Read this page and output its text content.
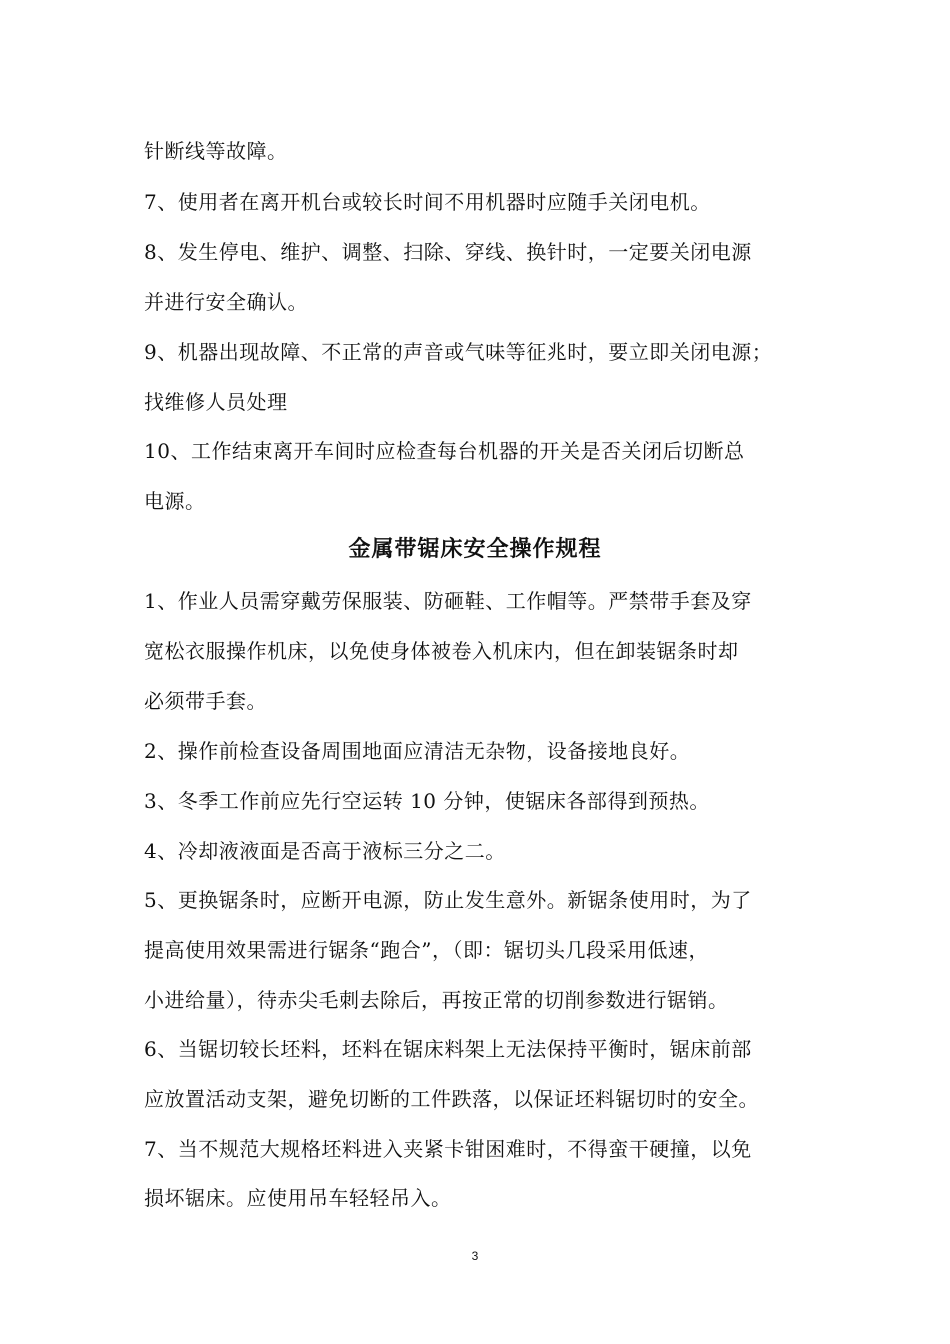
针断线等故障。
7、使用者在离开机台或较长时间不用机器时应随手关闭电机。
8、发生停电、维护、调整、扫除、穿线、换针时，一定要关闭电源
并进行安全确认。
9、机器出现故障、不正常的声音或气味等征兆时，要立即关闭电源；
找维修人员处理
10、工作结束离开车间时应检查每台机器的开关是否关闭后切断总
电源。
金属带锯床安全操作规程
1、作业人员需穿戴劳保服装、防砸鞋、工作帽等。严禁带手套及穿
宽松衣服操作机床，以免使身体被卷入机床内，但在卸装锯条时却
必须带手套。
2、操作前检查设备周围地面应清洁无杂物，设备接地良好。
3、冬季工作前应先行空运转 10 分钟，使锯床各部得到预热。
4、冷却液液面是否高于液标三分之二。
5、更换锯条时，应断开电源，防止发生意外。新锯条使用时，为了
提高使用效果需进行锯条“跑合”，（即：锯切头几段采用低速，
小进给量），待赤尖毛刺去除后，再按正常的切削参数进行锯销。
6、当锯切较长坯料，坯料在锯床料架上无法保持平衡时，锯床前部
应放置活动支架，避免切断的工件跌落，以保证坯料锯切时的安全。
7、当不规范大规格坯料进入夹紧卡钳困难时，不得蛮干硬撞，以免
损坏锯床。应使用吊车轻轻吊入。
3
